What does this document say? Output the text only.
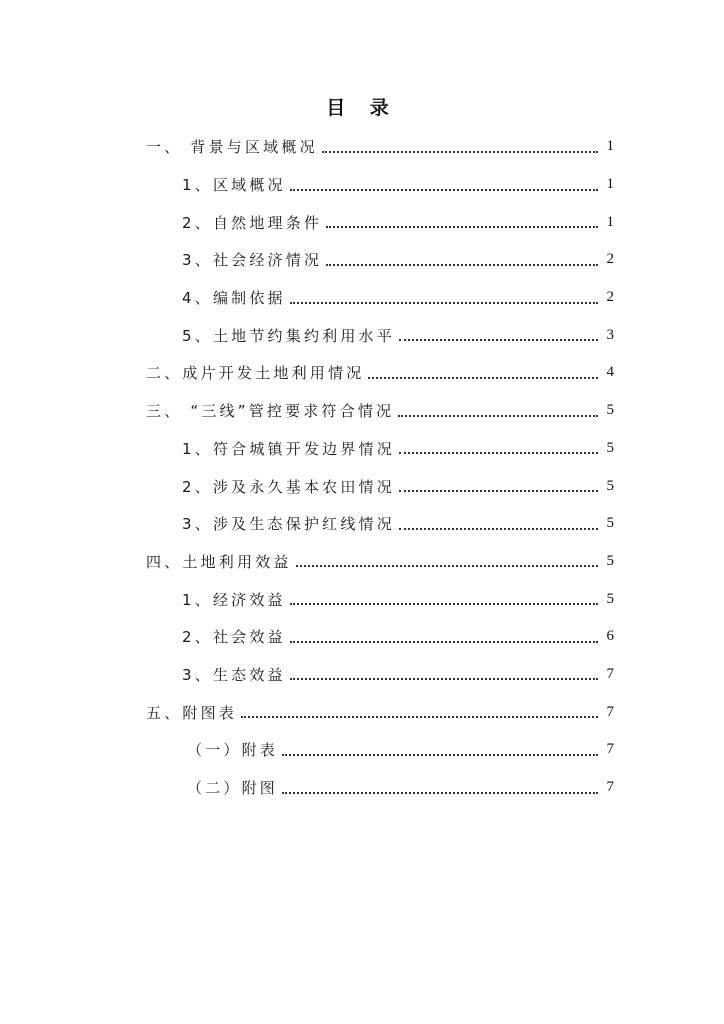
目 录
一、 背景与区域概况	1
1、区域概况	1
2、自然地理条件	1
3、社会经济情况	2
4、编制依据	2
5、土地节约集约利用水平	3
二、成片开发土地利用情况	4
三、 “三线”管控要求符合情况	5
1、符合城镇开发边界情况	5
2、涉及永久基本农田情况	5
3、涉及生态保护红线情况	5
四、土地利用效益	5
1、经济效益	5
2、社会效益	6
3、生态效益	7
五、附图表	7
（一）附表	7
（二）附图	7
